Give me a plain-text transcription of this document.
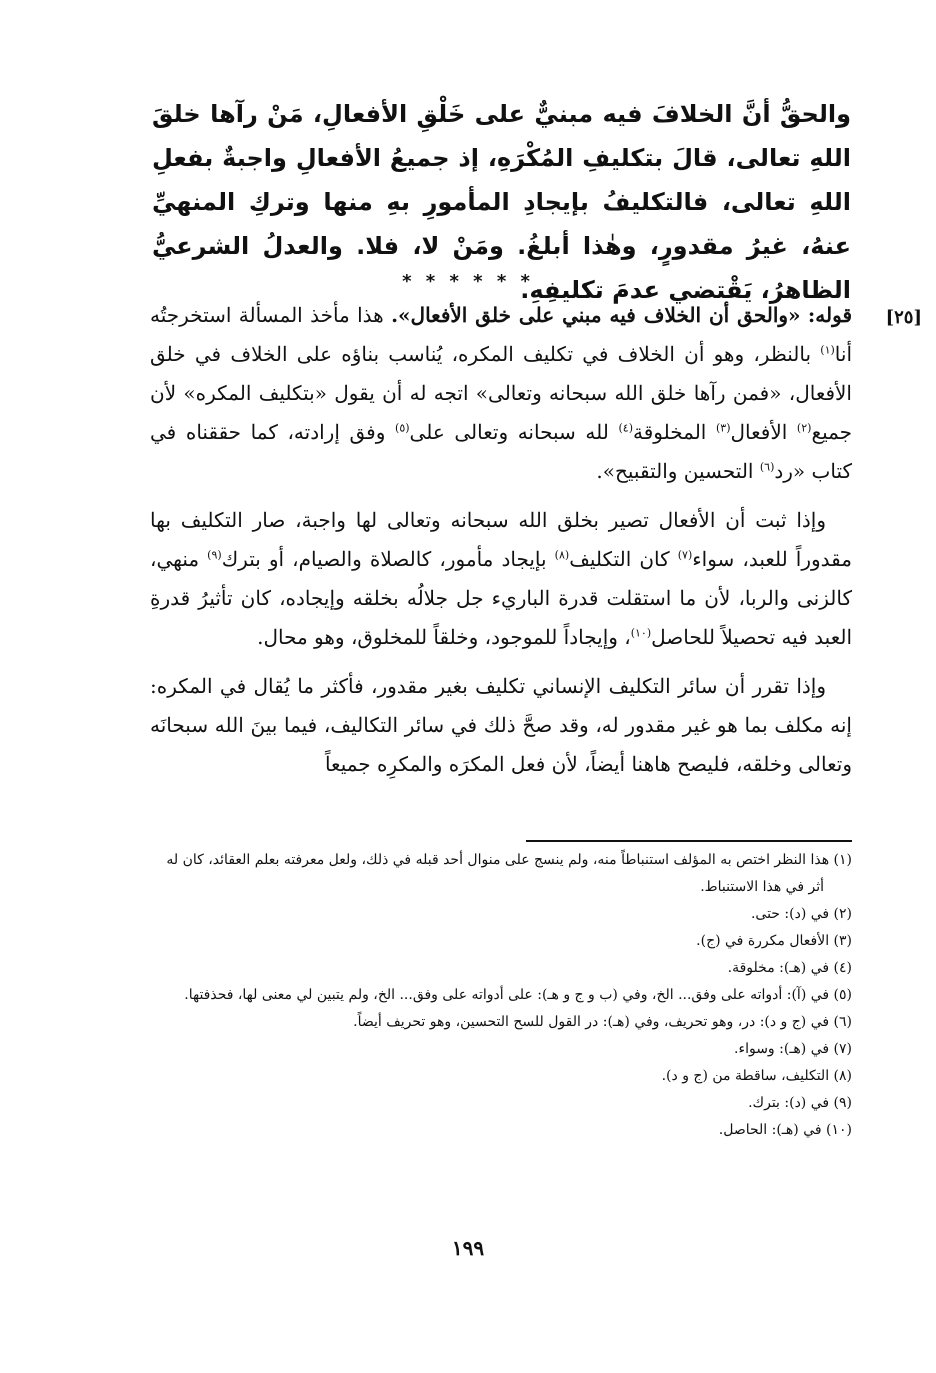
والحقُّ أنَّ الخلافَ فيه مبنيٌّ على خَلْقِ الأفعالِ، مَنْ رآها خلقَ اللهِ تعالى، قالَ بتكليفِ المُكْرَهِ، إذ جميعُ الأفعالِ واجبةٌ بفعلِ اللهِ تعالى، فالتكليفُ بإيجادِ المأمورِ بهِ منها وتركِ المنهيِّ عنهُ، غيرُ مقدورٍ، وهٰذا أبلغُ. ومَنْ لا، فلا. والعدلُ الشرعيُّ الظاهرُ، يَقْتضي عدمَ تكليفِهِ.
* * * * * *
[٢٥]

قوله: «والحق أن الخلاف فيه مبني على خلق الأفعال». هذا مأخذ المسألة استخرجتُه أنا$^{(١)}$ بالنظر، وهو أن الخلاف في تكليف المكره، يُناسب بناؤه على الخلاف في خلق الأفعال، «فمن رآها خلق الله سبحانه وتعالى» اتجه له أن يقول «بتكليف المكره» لأن جميع$^{(٢)}$ الأفعال$^{(٣)}$ المخلوقة$^{(٤)}$ لله سبحانه وتعالى على$^{(٥)}$ وفق إرادته، كما حققناه في كتاب «رد$^{(٦)}$ التحسين والتقبيح».

وإذا ثبت أن الأفعال تصير بخلق الله سبحانه وتعالى لها واجبة، صار التكليف بها مقدوراً للعبد، سواء$^{(٧)}$ كان التكليف$^{(٨)}$ بإيجاد مأمور، كالصلاة والصيام، أو بترك$^{(٩)}$ منهي، كالزنى والربا، لأن ما استقلت قدرة الباريء جل جلالُه بخلقه وإيجاده، كان تأثيرُ قدرةِ العبد فيه تحصيلاً للحاصل$^{(١٠)}$، وإيجاداً للموجود، وخلقاً للمخلوق، وهو محال.

وإذا تقرر أن سائر التكليف الإنساني تكليف بغير مقدور، فأكثر ما يُقال في المكره: إنه مكلف بما هو غير مقدور له، وقد صحَّ ذلك في سائر التكاليف، فيما بينَ الله سبحانَه وتعالى وخلقه، فليصح هاهنا أيضاً، لأن فعل المكرَه والمكرِه جميعاً

(١) هذا النظر اختص به المؤلف استنباطاً منه، ولم ينسج على منوال أحد قبله في ذلك، ولعل معرفته بعلم العقائد، كان له أثر في هذا الاستنباط.
(٢) في (د): حتى.
(٣) الأفعال مكررة في (ج).
(٤) في (هـ): مخلوقة.
(٥) في (آ): أدواته على وفق... الخ، وفي (ب و ج و هـ): على أدواته على وفق... الخ، ولم يتبين لي معنى لها، فحذفتها.
(٦) في (ج و د): در، وهو تحريف، وفي (هـ): در القول للسح التحسين، وهو تحريف أيضاً.
(٧) في (هـ): وسواء.
(٨) التكليف، ساقطة من (ج و د).
(٩) في (د): بترك.
(١٠) في (هـ): الحاصل.
١٩٩
